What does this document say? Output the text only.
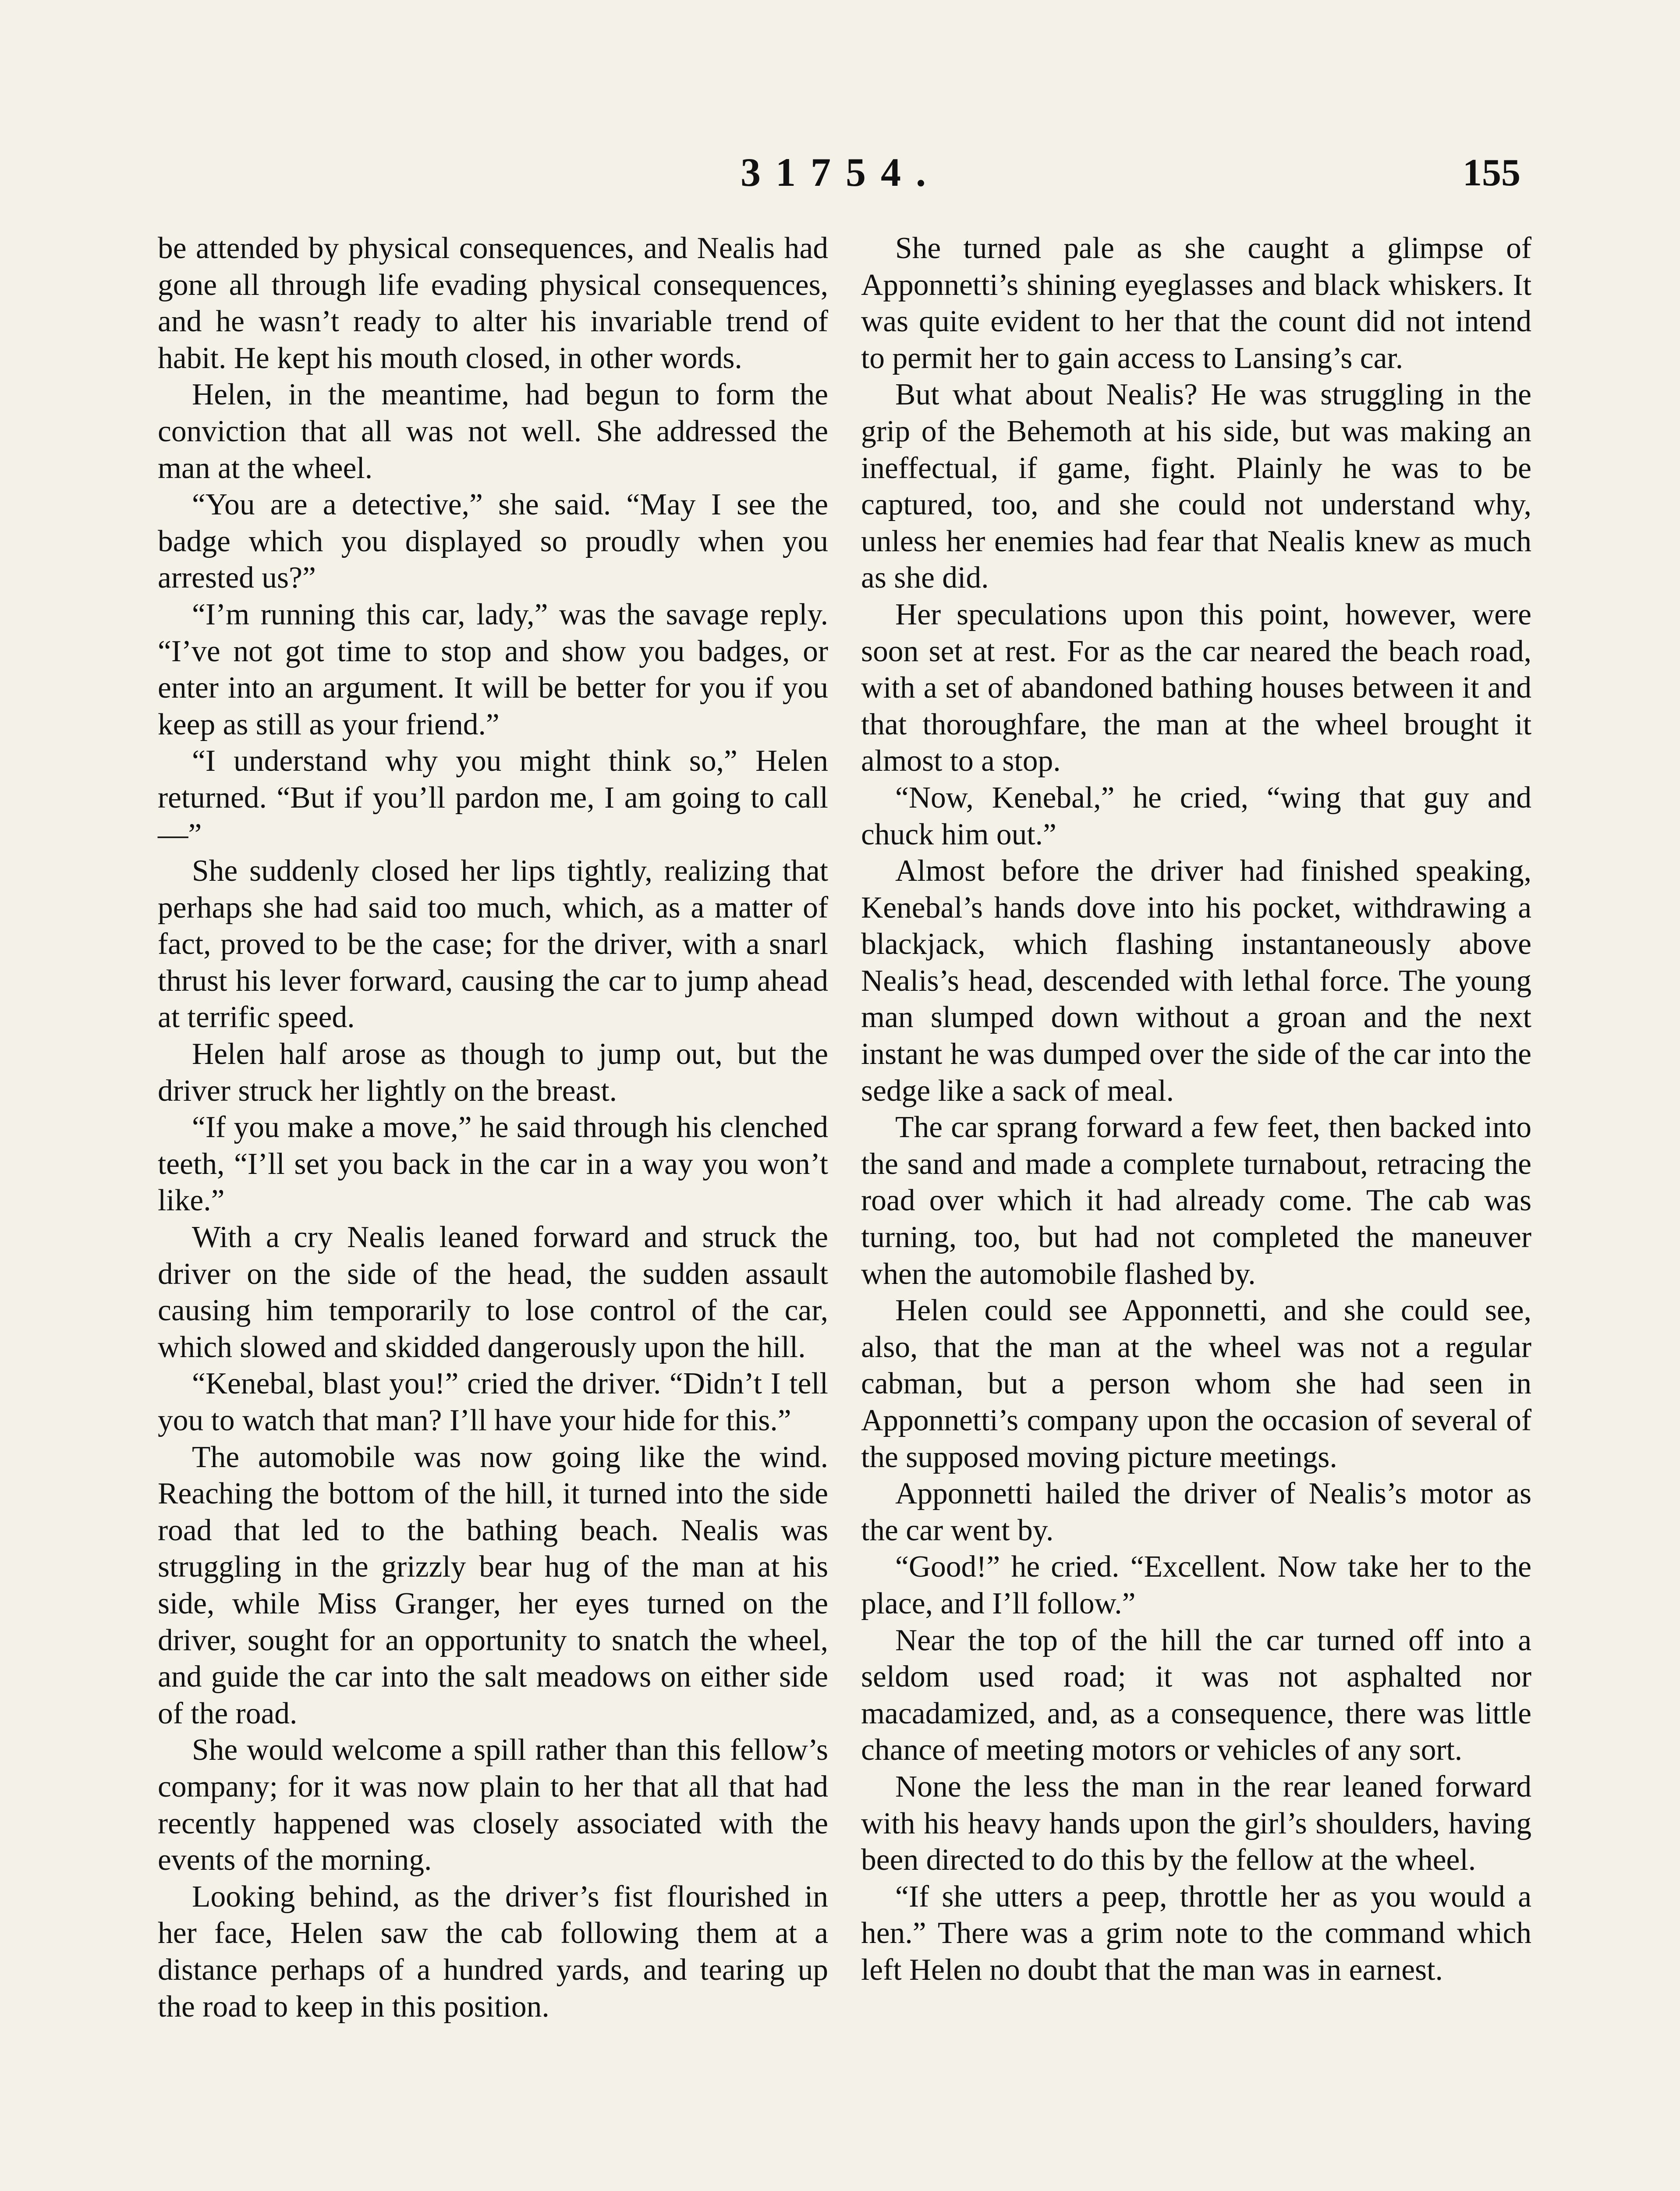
31754.	155

be attended by physical consequences, and Nealis had gone all through life evading physical consequences, and he wasn’t ready to alter his invariable trend of habit. He kept his mouth closed, in other words.

Helen, in the meantime, had begun to form the conviction that all was not well. She addressed the man at the wheel.

“You are a detective,” she said. “May I see the badge which you displayed so proudly when you arrested us?”

“I’m running this car, lady,” was the savage reply. “I’ve not got time to stop and show you badges, or enter into an argument. It will be better for you if you keep as still as your friend.”

“I understand why you might think so,” Helen returned. “But if you’ll pardon me, I am going to call—”

She suddenly closed her lips tightly, realizing that perhaps she had said too much, which, as a matter of fact, proved to be the case; for the driver, with a snarl thrust his lever forward, causing the car to jump ahead at terrific speed.

Helen half arose as though to jump out, but the driver struck her lightly on the breast.

“If you make a move,” he said through his clenched teeth, “I’ll set you back in the car in a way you won’t like.”

With a cry Nealis leaned forward and struck the driver on the side of the head, the sudden assault causing him temporarily to lose control of the car, which slowed and skidded dangerously upon the hill.

“Kenebal, blast you!” cried the driver. “Didn’t I tell you to watch that man? I’ll have your hide for this.”

The automobile was now going like the wind. Reaching the bottom of the hill, it turned into the side road that led to the bathing beach. Nealis was struggling in the grizzly bear hug of the man at his side, while Miss Granger, her eyes turned on the driver, sought for an opportunity to snatch the wheel, and guide the car into the salt meadows on either side of the road.

She would welcome a spill rather than this fellow’s company; for it was now plain to her that all that had recently happened was closely associated with the events of the morning.

Looking behind, as the driver’s fist flourished in her face, Helen saw the cab following them at a distance perhaps of a hundred yards, and tearing up the road to keep in this position.

She turned pale as she caught a glimpse of Apponnetti’s shining eyeglasses and black whiskers. It was quite evident to her that the count did not intend to permit her to gain access to Lansing’s car.

But what about Nealis? He was struggling in the grip of the Behemoth at his side, but was making an ineffectual, if game, fight. Plainly he was to be captured, too, and she could not understand why, unless her enemies had fear that Nealis knew as much as she did.

Her speculations upon this point, however, were soon set at rest. For as the car neared the beach road, with a set of abandoned bathing houses between it and that thoroughfare, the man at the wheel brought it almost to a stop.

“Now, Kenebal,” he cried, “wing that guy and chuck him out.”

Almost before the driver had finished speaking, Kenebal’s hands dove into his pocket, withdrawing a blackjack, which flashing instantaneously above Nealis’s head, descended with lethal force. The young man slumped down without a groan and the next instant he was dumped over the side of the car into the sedge like a sack of meal.

The car sprang forward a few feet, then backed into the sand and made a complete turnabout, retracing the road over which it had already come. The cab was turning, too, but had not completed the maneuver when the automobile flashed by.

Helen could see Apponnetti, and she could see, also, that the man at the wheel was not a regular cabman, but a person whom she had seen in Apponnetti’s company upon the occasion of several of the supposed moving picture meetings.

Apponnetti hailed the driver of Nealis’s motor as the car went by.

“Good!” he cried. “Excellent. Now take her to the place, and I’ll follow.”

Near the top of the hill the car turned off into a seldom used road; it was not asphalted nor macadamized, and, as a consequence, there was little chance of meeting motors or vehicles of any sort.

None the less the man in the rear leaned forward with his heavy hands upon the girl’s shoulders, having been directed to do this by the fellow at the wheel.

“If she utters a peep, throttle her as you would a hen.” There was a grim note to the command which left Helen no doubt that the man was in earnest.
